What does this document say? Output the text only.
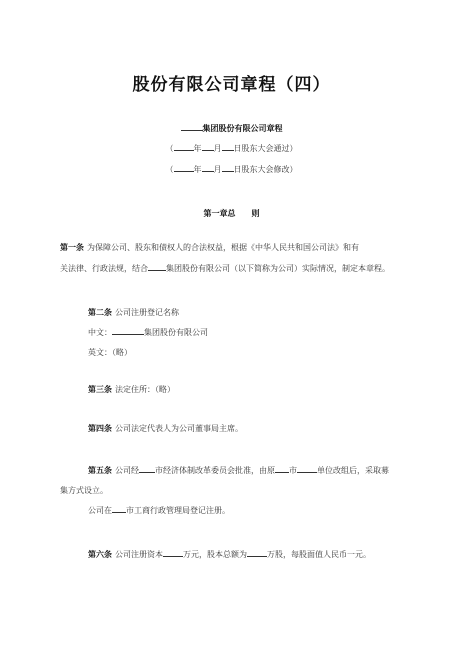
股份有限公司章程（四）
集团股份有限公司章程
（	年 月 日股东大会通过）
（	年 月 日股东大会修改）
第一章总　　则
第一条 为保障公司、股东和债权人的合法权益，根据《中华人民共和国公司法》和有
关法律、行政法规，结合 集团股份有限公司（以下简称为公司）实际情况，制定本章程。
第二条 公司注册登记名称
中文：	集团股份有限公司
英文：（略）
第三条 法定住所：（略）
第四条 公司法定代表人为公司董事局主席。
第五条 公司经 市经济体制改革委员会批准，由原 市	单位改组后，采取募
集方式设立。
公司在 市工商行政管理局登记注册。
第六条 公司注册资本	万元，股本总额为	万股，每股面值人民币一元。
